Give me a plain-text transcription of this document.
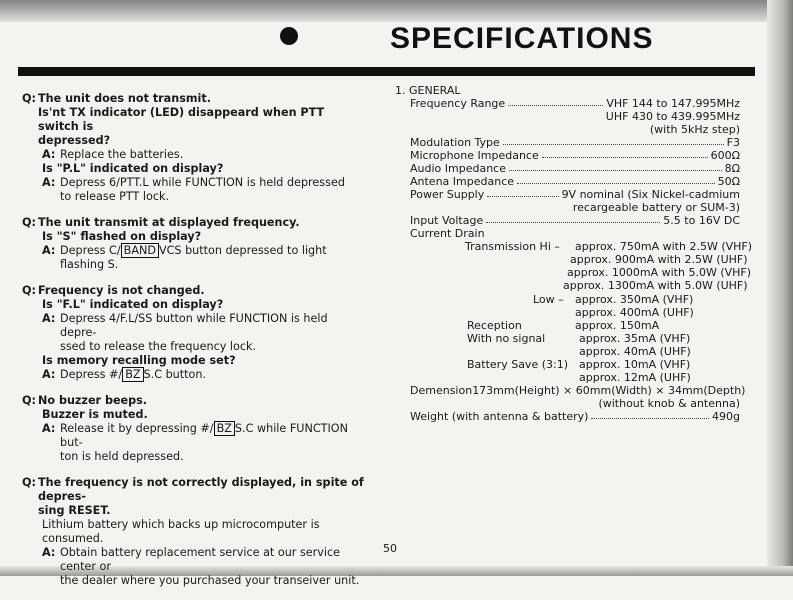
SPECIFICATIONS
Q: The unit does not transmit.
Is'nt TX indicator (LED) disappeard when PTT switch is
depressed?
A: Replace the batteries.
Is "P.L" indicated on display?
A: Depress 6/PTT.L while FUNCTION is held depressed
to release PTT lock.
Q: The unit transmit at displayed frequency.
Is "S" flashed on display?
A: Depress C/ BAND VCS button depressed to light flashing S.
Q: Frequency is not changed.
Is "F.L" indicated on display?
A: Depress 4/F.L/SS button while FUNCTION is held depre-
ssed to release the frequency lock.
Is memory recalling mode set?
A: Depress #/ BZ S.C button.
Q: No buzzer beeps.
Buzzer is muted.
A: Release it by depressing #/ BZ S.C while FUNCTION but-
ton is held depressed.
Q: The frequency is not correctly displayed, in spite of depres-
sing RESET.
Lithium battery which backs up microcomputer is consumed.
A: Obtain battery replacement service at our service center or
the dealer where you purchased your transeiver unit.
1. GENERAL
Frequency Range	VHF 144 to 147.995MHz
UHF 430 to 439.995MHz
(with 5kHz step)
Modulation Type	F3
Microphone Impedance	600Ω
Audio Impedance	8Ω
Antena Impedance	50Ω
Power Supply	9V nominal (Six Nickel-cadmium
recargeable battery or SUM-3)
Input Voltage	5.5 to 16V DC
Current Drain
Transmission Hi – approx. 750mA with 2.5W (VHF)
approx. 900mA with 2.5W (UHF)
approx. 1000mA with 5.0W (VHF)
approx. 1300mA with 5.0W (UHF)
Low – approx. 350mA (VHF)
approx. 400mA (UHF)
Reception	approx. 150mA
With no signal	approx. 35mA (VHF)
approx. 40mA (UHF)
Battery Save (3:1) approx. 10mA (VHF)
approx. 12mA (UHF)
Demension 173mm(Height) × 60mm(Width) × 34mm(Depth)
(without knob & antenna)
Weight (with antenna & battery)	490g
50
